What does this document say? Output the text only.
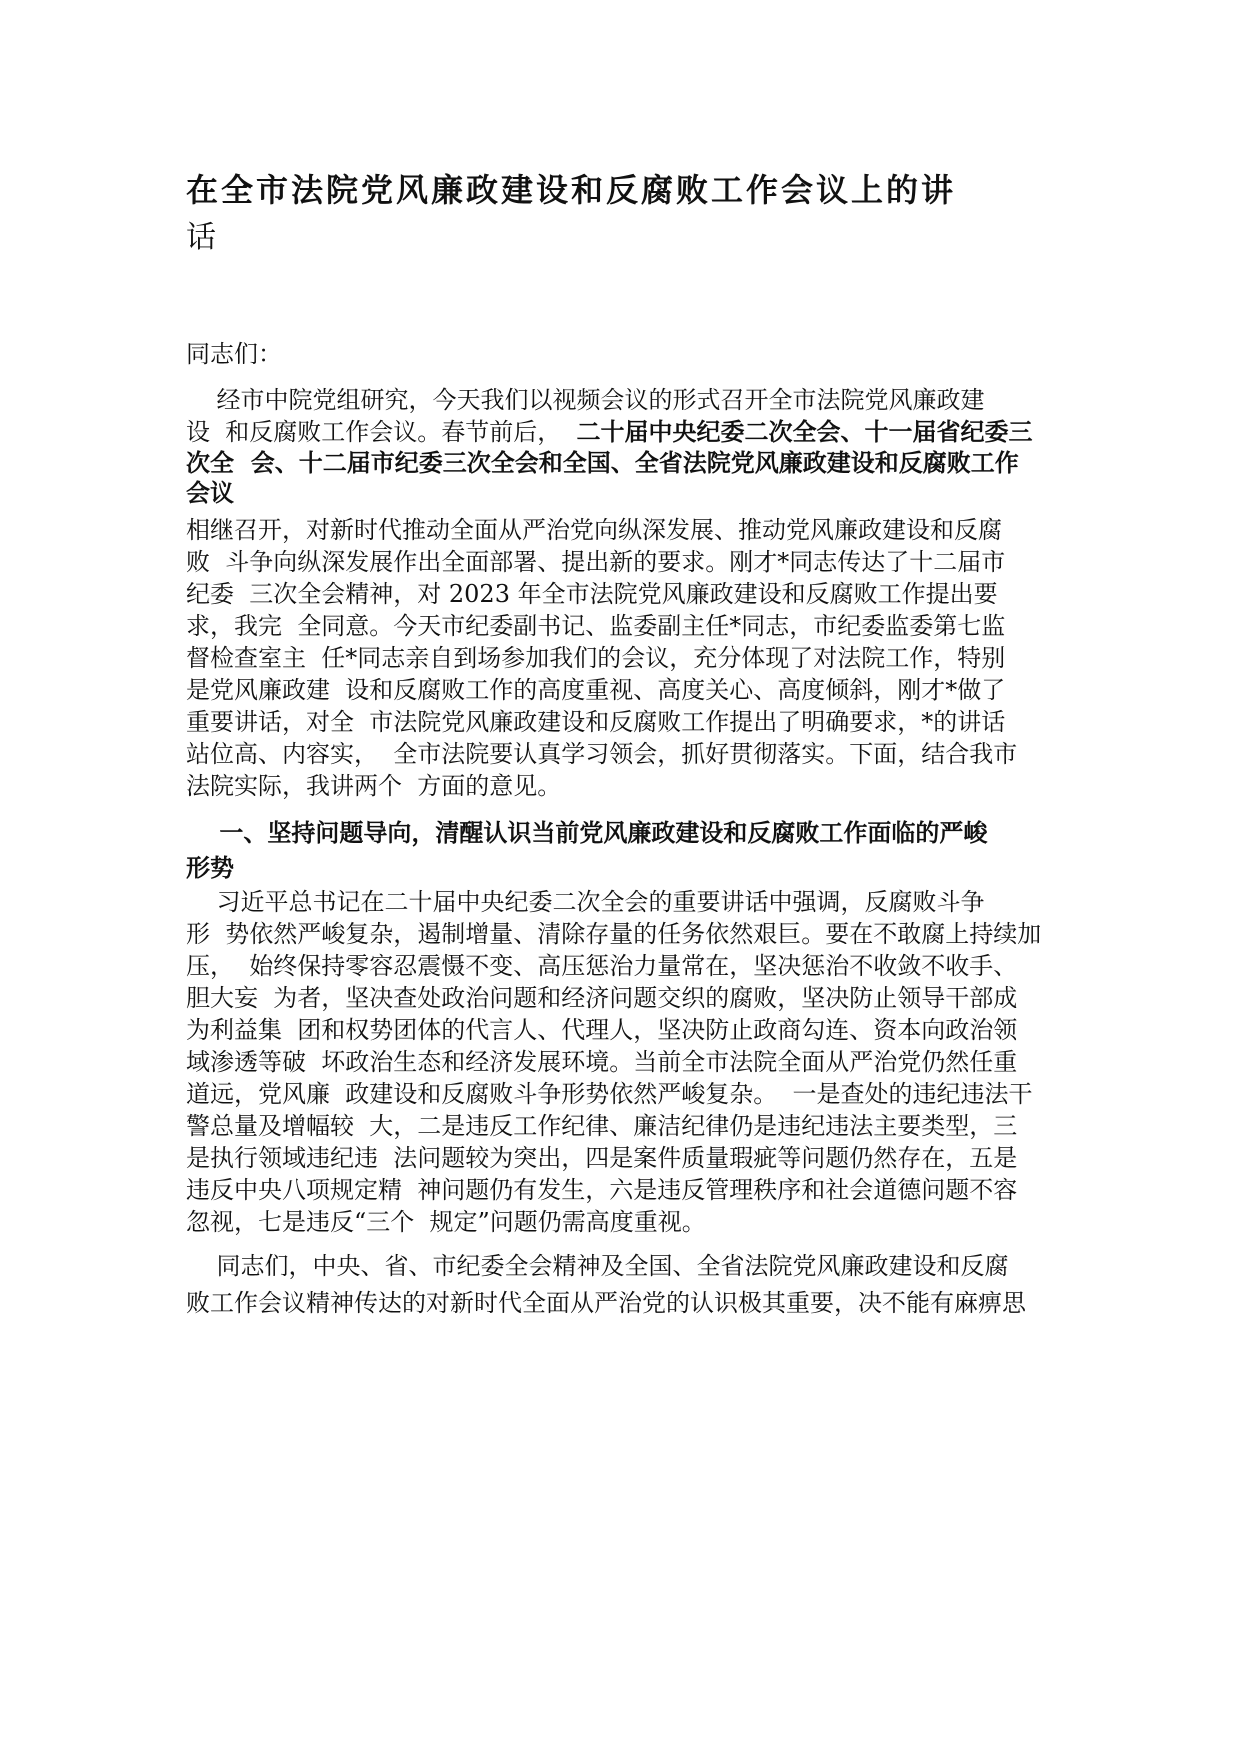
在全市法院党风廉政建设和反腐败工作会议上的讲
话
同志们：
经市中院党组研究，今天我们以视频会议的形式召开全市法院党风廉政建
设  和反腐败工作会议。春节前后，  二十届中央纪委二次全会、十一届省纪委三
次全  会、十二届市纪委三次全会和全国、全省法院党风廉政建设和反腐败工作
会议
相继召开，对新时代推动全面从严治党向纵深发展、推动党风廉政建设和反腐
败  斗争向纵深发展作出全面部署、提出新的要求。刚才*同志传达了十二届市
纪委  三次全会精神，对 2023 年全市法院党风廉政建设和反腐败工作提出要
求，我完  全同意。今天市纪委副书记、监委副主任*同志，市纪委监委第七监
督检查室主  任*同志亲自到场参加我们的会议，充分体现了对法院工作，特别
是党风廉政建  设和反腐败工作的高度重视、高度关心、高度倾斜，刚才*做了
重要讲话，对全  市法院党风廉政建设和反腐败工作提出了明确要求，*的讲话
站位高、内容实，  全市法院要认真学习领会，抓好贯彻落实。下面，结合我市
法院实际，我讲两个  方面的意见。
一、坚持问题导向，清醒认识当前党风廉政建设和反腐败工作面临的严峻
形势
习近平总书记在二十届中央纪委二次全会的重要讲话中强调，反腐败斗争
形  势依然严峻复杂，遏制增量、清除存量的任务依然艰巨。要在不敢腐上持续加
压，  始终保持零容忍震慑不变、高压惩治力量常在，坚决惩治不收敛不收手、
胆大妄  为者，坚决查处政治问题和经济问题交织的腐败，坚决防止领导干部成
为利益集  团和权势团体的代言人、代理人，坚决防止政商勾连、资本向政治领
域渗透等破  坏政治生态和经济发展环境。当前全市法院全面从严治党仍然任重
道远，党风廉  政建设和反腐败斗争形势依然严峻复杂。  一是查处的违纪违法干
警总量及增幅较  大，二是违反工作纪律、廉洁纪律仍是违纪违法主要类型，三
是执行领域违纪违  法问题较为突出，四是案件质量瑕疵等问题仍然存在，五是
违反中央八项规定精  神问题仍有发生，六是违反管理秩序和社会道德问题不容
忽视，七是违反“三个  规定”问题仍需高度重视。
同志们，中央、省、市纪委全会精神及全国、全省法院党风廉政建设和反腐
败工作会议精神传达的对新时代全面从严治党的认识极其重要，决不能有麻痹思
